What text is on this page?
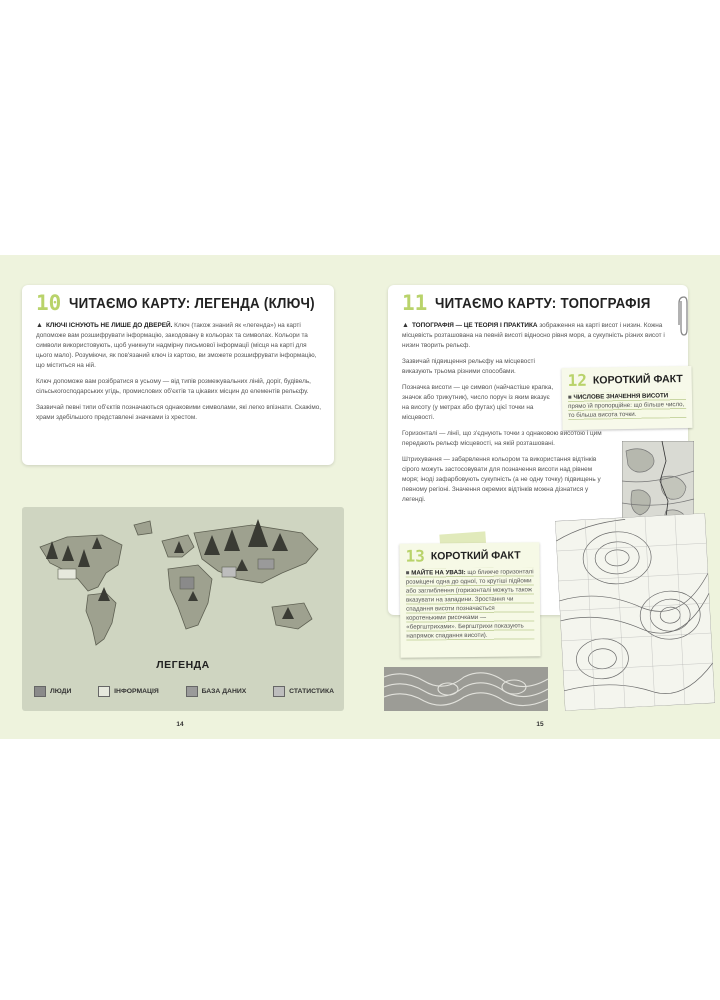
10 ЧИТАЄМО КАРТУ: ЛЕГЕНДА (КЛЮЧ)
▲ КЛЮЧІ ІСНУЮТЬ НЕ ЛИШЕ ДО ДВЕРЕЙ. Ключ (також знаний як «легенда») на карті допоможе вам розшифрувати інформацію, закодовану в кольорах та символах. Кольори та символи використовують, щоб уникнути надмірну письмової інформації (місця на карті для цього мало). Розуміючи, як пов'язаний ключ із картою, ви зможете розшифрувати інформацію, що міститься на ній.
Ключ допоможе вам розібратися в усьому — від типів розмежувальних ліній, доріг, будівель, сільськогосподарських угідь, промислових об'єктів та цікавих місцин до елементів рельєфу.
Зазвичай певні типи об'єктів позначаються однаковими символами, які легко впізнати. Скажімо, храми здебільшого представлені значками із хрестом.
ЛЕГЕНДА
ЛЮДИ	ІНФОРМАЦІЯ	БАЗА ДАНИХ	СТАТИСТИКА
14
11 ЧИТАЄМО КАРТУ: ТОПОГРАФІЯ
▲ ТОПОГРАФІЯ — ЦЕ ТЕОРІЯ І ПРАКТИКА зображення на карті висот і низин. Кожна місцевість розташована на певній висоті відносно рівня моря, а сукупність різних висот і низин творить рельєф.
Зазвичай підвищення рельєфу на місцевості виказують трьома різними способами.
Позначка висоти — це символ (найчастіше крапка, значок або трикутник), число поруч із яким вказує на висоту (у метрах або футах) цієї точки на місцевості.
Горизонталі — лінії, що з'єднують точки з однаковою висотою і цим передають рельєф місцевості, на якій розташовані.
Штрихування — забарвлення кольором та використання відтінків сірого можуть застосовувати для позначення висоти над рівнем моря; іноді зафарбовують сукупність (а не одну точку) підвищень у певному регіоні. Значення окремих відтінків можна дізнатися у легенді.
12 КОРОТКИЙ ФАКТ
■ ЧИСЛОВЕ ЗНАЧЕННЯ ВИСОТИ прямо їй пропорційне: що більше число, то більша висота точки.
13 КОРОТКИЙ ФАКТ
■ МАЙТЕ НА УВАЗІ: що ближче горизонталі розміщені одна до одної, то крутіші підйоми або заглиблення (горизонталі можуть також вказувати на западини. Зростання чи спадання висоти позначається коротенькими рисочками — «бергштрихами». Бергштрихи показують напрямок спадання висоти).
15
